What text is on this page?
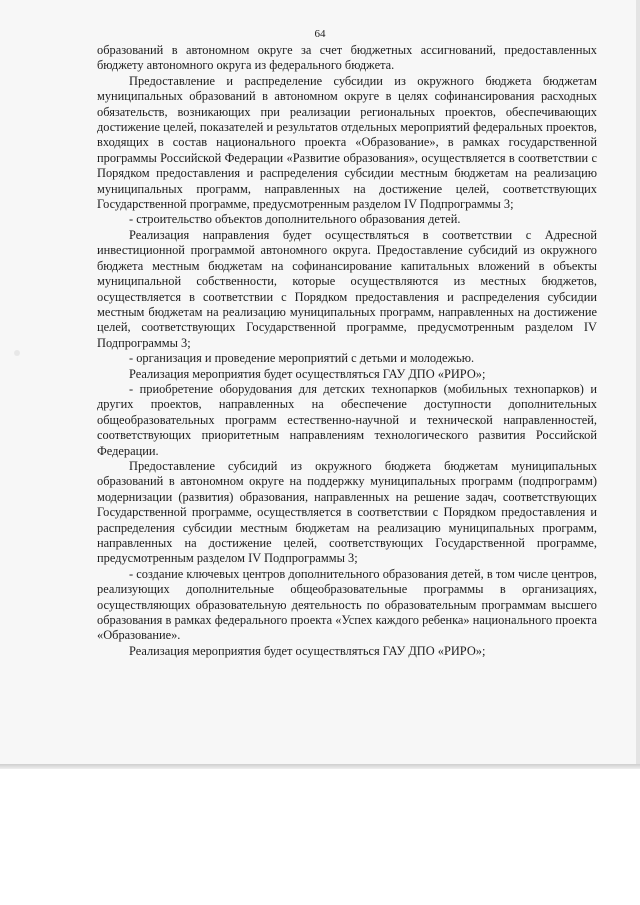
64

образований в автономном округе за счет бюджетных ассигнований, предоставленных бюджету автономного округа из федерального бюджета.

Предоставление и распределение субсидии из окружного бюджета бюджетам муниципальных образований в автономном округе в целях софинансирования расходных обязательств, возникающих при реализации региональных проектов, обеспечивающих достижение целей, показателей и результатов отдельных мероприятий федеральных проектов, входящих в состав национального проекта «Образование», в рамках государственной программы Российской Федерации «Развитие образования», осуществляется в соответствии с Порядком предоставления и распределения субсидии местным бюджетам на реализацию муниципальных программ, направленных на достижение целей, соответствующих Государственной программе, предусмотренным разделом IV Подпрограммы 3;

- строительство объектов дополнительного образования детей.

Реализация направления будет осуществляться в соответствии с Адресной инвестиционной программой автономного округа. Предоставление субсидий из окружного бюджета местным бюджетам на софинансирование капитальных вложений в объекты муниципальной собственности, которые осуществляются из местных бюджетов, осуществляется в соответствии с Порядком предоставления и распределения субсидии местным бюджетам на реализацию муниципальных программ, направленных на достижение целей, соответствующих Государственной программе, предусмотренным разделом IV Подпрограммы 3;

- организация и проведение мероприятий с детьми и молодежью.

Реализация мероприятия будет осуществляться ГАУ ДПО «РИРО»;

- приобретение оборудования для детских технопарков (мобильных технопарков) и других проектов, направленных на обеспечение доступности дополнительных общеобразовательных программ естественно-научной и технической направленностей, соответствующих приоритетным направлениям технологического развития Российской Федерации.

Предоставление субсидий из окружного бюджета бюджетам муниципальных образований в автономном округе на поддержку муниципальных программ (подпрограмм) модернизации (развития) образования, направленных на решение задач, соответствующих Государственной программе, осуществляется в соответствии с Порядком предоставления и распределения субсидии местным бюджетам на реализацию муниципальных программ, направленных на достижение целей, соответствующих Государственной программе, предусмотренным разделом IV Подпрограммы 3;

- создание ключевых центров дополнительного образования детей, в том числе центров, реализующих дополнительные общеобразовательные программы в организациях, осуществляющих образовательную деятельность по образовательным программам высшего образования в рамках федерального проекта «Успех каждого ребенка» национального проекта «Образование».

Реализация мероприятия будет осуществляться ГАУ ДПО «РИРО»;
